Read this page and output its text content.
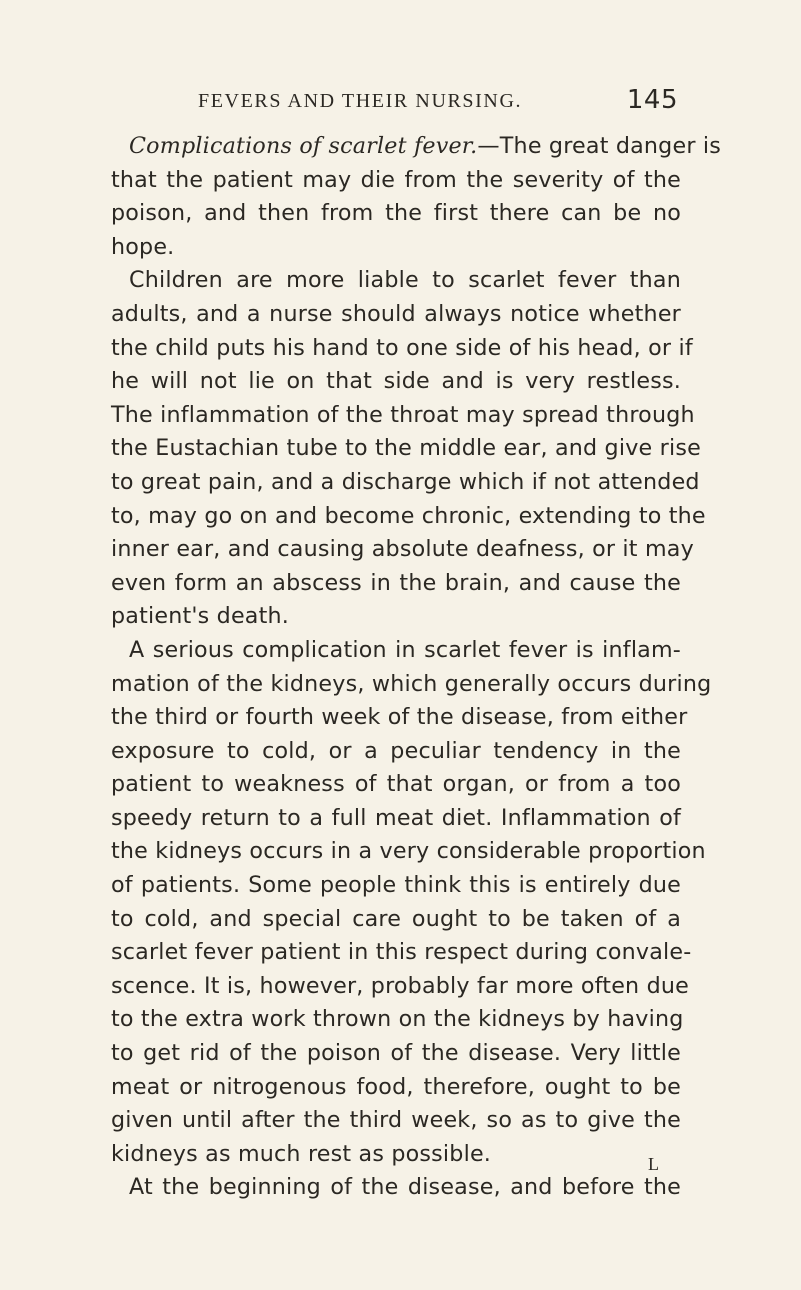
FEVERS AND THEIR NURSING.	145
Complications of scarlet fever.—The great danger is
that the patient may die from the severity of the
poison, and then from the first there can be no
hope.
Children are more liable to scarlet fever than
adults, and a nurse should always notice whether
the child puts his hand to one side of his head, or if
he will not lie on that side and is very restless.
The inflammation of the throat may spread through
the Eustachian tube to the middle ear, and give rise
to great pain, and a discharge which if not attended
to, may go on and become chronic, extending to the
inner ear, and causing absolute deafness, or it may
even form an abscess in the brain, and cause the
patient's death.
A serious complication in scarlet fever is inflam-
mation of the kidneys, which generally occurs during
the third or fourth week of the disease, from either
exposure to cold, or a peculiar tendency in the
patient to weakness of that organ, or from a too
speedy return to a full meat diet. Inflammation of
the kidneys occurs in a very considerable proportion
of patients. Some people think this is entirely due
to cold, and special care ought to be taken of a
scarlet fever patient in this respect during convale-
scence. It is, however, probably far more often due
to the extra work thrown on the kidneys by having
to get rid of the poison of the disease. Very little
meat or nitrogenous food, therefore, ought to be
given until after the third week, so as to give the
kidneys as much rest as possible.
At the beginning of the disease, and before the
L
